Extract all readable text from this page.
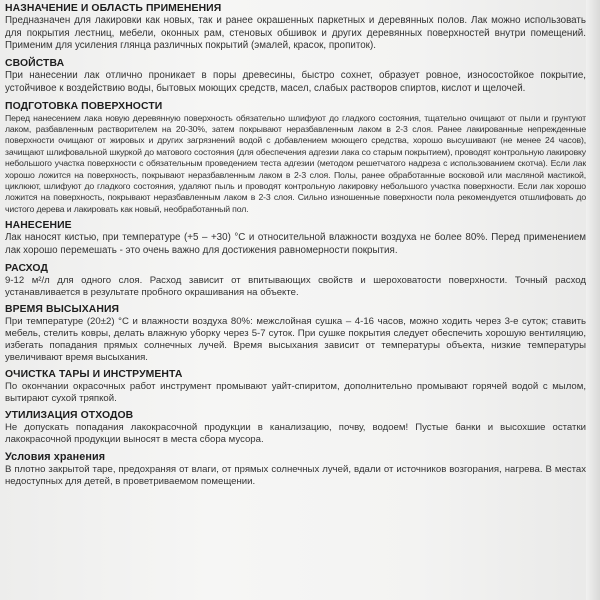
НАЗНАЧЕНИЕ И ОБЛАСТЬ ПРИМЕНЕНИЯ

Предназначен для лакировки как новых, так и ранее окрашенных паркетных и деревянных полов. Лак можно использовать для покрытия лестниц, мебели, оконных рам, стеновых обшивок и других деревянных поверхностей внутри помещений. Применим для усиления глянца различных покрытий (эмалей, красок, пропиток).

СВОЙСТВА

При нанесении лак отлично проникает в поры древесины, быстро сохнет, образует ровное, износостойкое покрытие, устойчивое к воздействию воды, бытовых моющих средств, масел, слабых растворов спиртов, кислот и щелочей.

ПОДГОТОВКА ПОВЕРХНОСТИ

Перед нанесением лака новую деревянную поверхность обязательно шлифуют до гладкого состояния, тщательно очищают от пыли и грунтуют лаком, разбавленным растворителем на 20-30%, затем покрывают неразбавленным лаком в 2-3 слоя. Ранее лакированные непрежденные поверхности очищают от жировых и других загрязнений водой с добавлением моющего средства, хорошо высушивают (не менее 24 часов), зачищают шлифовальной шкуркой до матового состояния (для обеспечения адгезии лака со старым покрытием), проводят контрольную лакировку небольшого участка поверхности с обязательным проведением теста адгезии (методом решетчатого надреза с использованием скотча). Если лак хорошо ложится на поверхность, покрывают неразбавленным лаком в 2-3 слоя. Полы, ранее обработанные восковой или масляной мастикой, циклюют, шлифуют до гладкого состояния, удаляют пыль и проводят контрольную лакировку небольшого участка поверхности. Если лак хорошо ложится на поверхность, покрывают неразбавленным лаком в 2-3 слоя. Сильно изношенные поверхности пола рекомендуется отшлифовать до чистого дерева и лакировать как новый, необработанный пол.

НАНЕСЕНИЕ

Лак наносят кистью, при температуре (+5 – +30) °С и относительной влажности воздуха не более 80%. Перед применением лак хорошо перемешать - это очень важно для достижения равномерности покрытия.

РАСХОД

9-12 м²/л для одного слоя. Расход зависит от впитывающих свойств и шероховатости поверхности. Точный расход устанавливается в результате пробного окрашивания на объекте.

ВРЕМЯ ВЫСЫХАНИЯ

При температуре (20±2) °С и влажности воздуха 80%: межслойная сушка – 4-16 часов, можно ходить через 3-е суток; ставить мебель, стелить ковры, делать влажную уборку через 5-7 суток. При сушке покрытия следует обеспечить хорошую вентиляцию, избегать попадания прямых солнечных лучей. Время высыхания зависит от температуры объекта, низкие температуры увеличивают время высыхания.

ОЧИСТКА ТАРЫ И ИНСТРУМЕНТА

По окончании окрасочных работ инструмент промывают уайт-спиритом, дополнительно промывают горячей водой с мылом, вытирают сухой тряпкой.

УТИЛИЗАЦИЯ ОТХОДОВ

Не допускать попадания лакокрасочной продукции в канализацию, почву, водоем! Пустые банки и высохшие остатки лакокрасочной продукции выносят в места сбора мусора.

Условия хранения

В плотно закрытой таре, предохраняя от влаги, от прямых солнечных лучей, вдали от источников возгорания, нагрева. В местах недоступных для детей, в проветриваемом помещении.
